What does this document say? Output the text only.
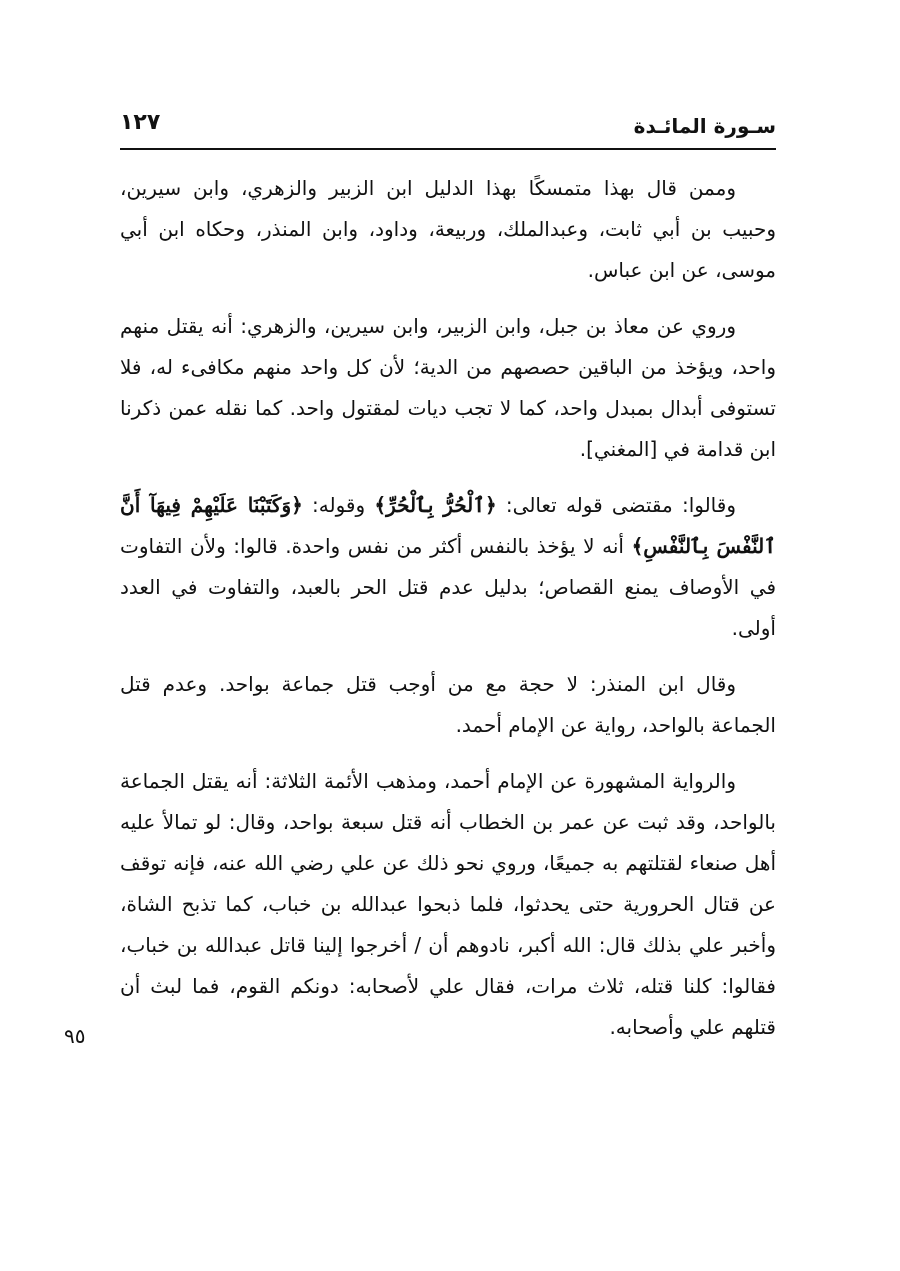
سـورة المائـدة
١٢٧

وممن قال بهذا متمسكًا بهذا الدليل ابن الزبير والزهري، وابن سيرين، وحبيب بن أبي ثابت، وعبدالملك، وربيعة، وداود، وابن المنذر، وحكاه ابن أبي موسى، عن ابن عباس.

وروي عن معاذ بن جبل، وابن الزبير، وابن سيرين، والزهري: أنه يقتل منهم واحد، ويؤخذ من الباقين حصصهم من الدية؛ لأن كل واحد منهم مكافىء له، فلا تستوفى أبدال بمبدل واحد، كما لا تجب ديات لمقتول واحد. كما نقله عمن ذكرنا ابن قدامة في [المغني].

وقالوا: مقتضى قوله تعالى: ﴿ٱلْحُرُّ بِٱلْحُرِّ﴾ وقوله: ﴿وَكَتَبْنَا عَلَيْهِمْ فِيهَآ أَنَّ ٱلنَّفْسَ بِٱلنَّفْسِ﴾ أنه لا يؤخذ بالنفس أكثر من نفس واحدة. قالوا: ولأن التفاوت في الأوصاف يمنع القصاص؛ بدليل عدم قتل الحر بالعبد، والتفاوت في العدد أولى.

وقال ابن المنذر: لا حجة مع من أوجب قتل جماعة بواحد. وعدم قتل الجماعة بالواحد، رواية عن الإمام أحمد.

والرواية المشهورة عن الإمام أحمد، ومذهب الأئمة الثلاثة: أنه يقتل الجماعة بالواحد، وقد ثبت عن عمر بن الخطاب أنه قتل سبعة بواحد، وقال: لو تمالأ عليه أهل صنعاء لقتلتهم به جميعًا، وروي نحو ذلك عن علي رضي الله عنه، فإنه توقف عن قتال الحرورية حتى يحدثوا، فلما ذبحوا عبدالله بن خباب، كما تذبح الشاة، وأخبر علي بذلك قال: الله أكبر، نادوهم أن / أخرجوا إلينا قاتل عبدالله بن خباب، فقالوا: كلنا قتله، ثلاث مرات، فقال علي لأصحابه: دونكم القوم، فما لبث أن قتلهم علي وأصحابه.

٩٥
